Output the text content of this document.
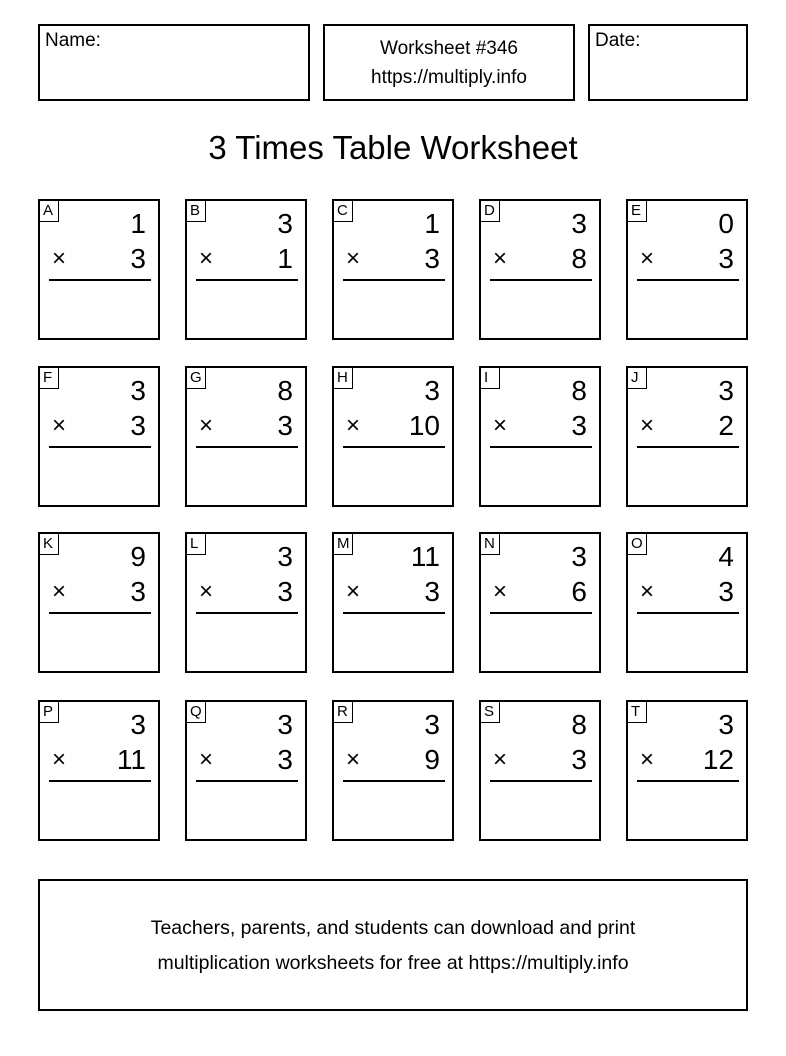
Name:	Worksheet #346
https://multiply.info
Date:
3 Times Table Worksheet
A	1
× 3
B	3
× 1
C	1
× 3
D	3
× 8
E	0
× 3
F	3
× 3
G	8
× 3
H	3
× 10
I	8
× 3
J	3
× 2
K	9
× 3
L	3
× 3
M 11
× 3
N	3
× 6
O	4
× 3
P	3
× 11
Q	3
× 3
R	3
× 9
S	8
× 3
T	3
× 12
Teachers, parents, and students can download and print
multiplication worksheets for free at https://multiply.info
